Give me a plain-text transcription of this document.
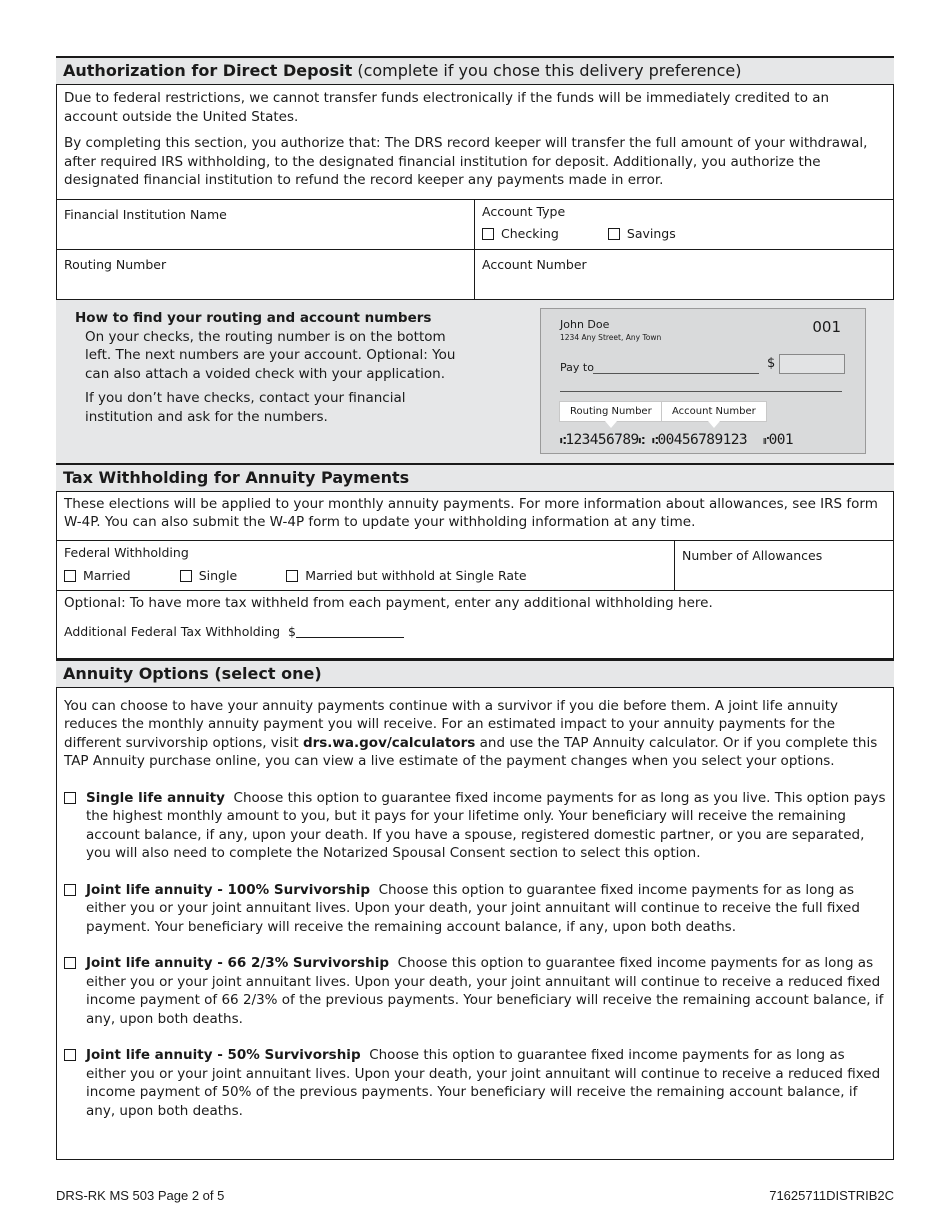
Authorization for Direct Deposit (complete if you chose this delivery preference)
Due to federal restrictions, we cannot transfer funds electronically if the funds will be immediately credited to an account outside the United States.
By completing this section, you authorize that: The DRS record keeper will transfer the full amount of your withdrawal, after required IRS withholding, to the designated financial institution for deposit. Additionally, you authorize the designated financial institution to refund the record keeper any payments made in error.
Financial Institution Name	Account Type
Checking	Savings
Routing Number	Account Number
How to find your routing and account numbers
On your checks, the routing number is on the bottom left. The next numbers are your account. Optional: You can also attach a voided check with your application.
If you don’t have checks, contact your financial institution and ask for the numbers.
John Doe
1234 Any Street, Any Town
001
Pay to	$
Routing Number	Account Number
⑆123456789⑆ ⑆00456789123 ⑈001
Tax Withholding for Annuity Payments
These elections will be applied to your monthly annuity payments. For more information about allowances, see IRS form W-4P. You can also submit the W-4P form to update your withholding information at any time.
Federal Withholding
Married	Single	Married but withhold at Single Rate
Number of Allowances
Optional: To have more tax withheld from each payment, enter any additional withholding here.
Additional Federal Tax Withholding $
Annuity Options (select one)
You can choose to have your annuity payments continue with a survivor if you die before them. A joint life annuity reduces the monthly annuity payment you will receive. For an estimated impact to your annuity payments for the different survivorship options, visit drs.wa.gov/calculators and use the TAP Annuity calculator. Or if you complete this TAP Annuity purchase online, you can view a live estimate of the payment changes when you select your options.
Single life annuity Choose this option to guarantee fixed income payments for as long as you live. This option pays the highest monthly amount to you, but it pays for your lifetime only. Your beneficiary will receive the remaining account balance, if any, upon your death. If you have a spouse, registered domestic partner, or you are separated, you will also need to complete the Notarized Spousal Consent section to select this option.
Joint life annuity - 100% Survivorship Choose this option to guarantee fixed income payments for as long as either you or your joint annuitant lives. Upon your death, your joint annuitant will continue to receive the full fixed payment. Your beneficiary will receive the remaining account balance, if any, upon both deaths.
Joint life annuity - 66 2/3% Survivorship Choose this option to guarantee fixed income payments for as long as either you or your joint annuitant lives. Upon your death, your joint annuitant will continue to receive a reduced fixed income payment of 66 2/3% of the previous payments. Your beneficiary will receive the remaining account balance, if any, upon both deaths.
Joint life annuity - 50% Survivorship Choose this option to guarantee fixed income payments for as long as either you or your joint annuitant lives. Upon your death, your joint annuitant will continue to receive a reduced fixed income payment of 50% of the previous payments. Your beneficiary will receive the remaining account balance, if any, upon both deaths.
DRS-RK MS 503 Page 2 of 5	71625711DISTRIB2C
